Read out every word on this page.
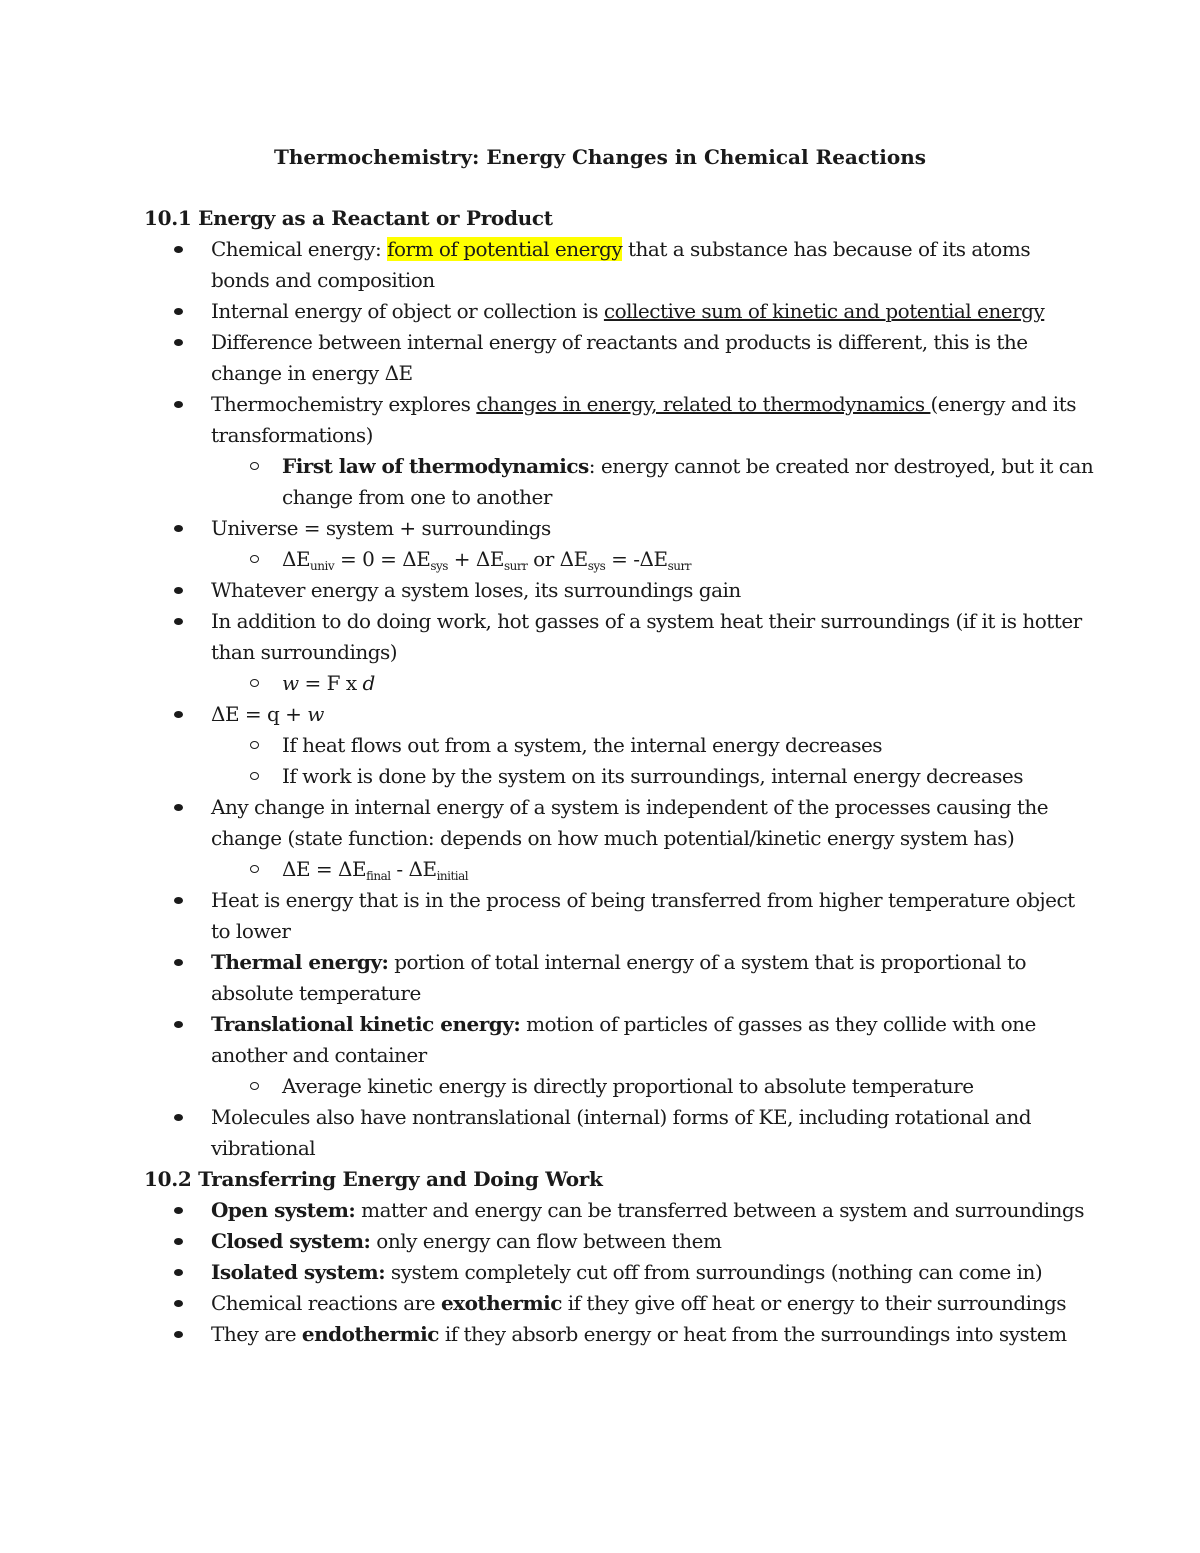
Thermochemistry: Energy Changes in Chemical Reactions
10.1 Energy as a Reactant or Product
Chemical energy: form of potential energy that a substance has because of its atoms
bonds and composition
Internal energy of object or collection is collective sum of kinetic and potential energy
Difference between internal energy of reactants and products is different, this is the
change in energy ΔE
Thermochemistry explores changes in energy, related to thermodynamics (energy and its
transformations)
First law of thermodynamics: energy cannot be created nor destroyed, but it can
change from one to another
Universe = system + surroundings
$\Delta E_{univ} = 0 = \Delta E_{sys} + \Delta E_{surr}$ or $\Delta E_{sys} = -\Delta E_{surr}$
Whatever energy a system loses, its surroundings gain
In addition to do doing work, hot gasses of a system heat their surroundings (if it is hotter
than surroundings)
w = F x d
ΔE = q + w
If heat flows out from a system, the internal energy decreases
If work is done by the system on its surroundings, internal energy decreases
Any change in internal energy of a system is independent of the processes causing the
change (state function: depends on how much potential/kinetic energy system has)
$\Delta E = \Delta E_{final} - \Delta E_{initial}$
Heat is energy that is in the process of being transferred from higher temperature object
to lower
Thermal energy: portion of total internal energy of a system that is proportional to
absolute temperature
Translational kinetic energy: motion of particles of gasses as they collide with one
another and container
Average kinetic energy is directly proportional to absolute temperature
Molecules also have nontranslational (internal) forms of KE, including rotational and
vibrational
10.2 Transferring Energy and Doing Work
Open system: matter and energy can be transferred between a system and surroundings
Closed system: only energy can flow between them
Isolated system: system completely cut off from surroundings (nothing can come in)
Chemical reactions are exothermic if they give off heat or energy to their surroundings
They are endothermic if they absorb energy or heat from the surroundings into system
